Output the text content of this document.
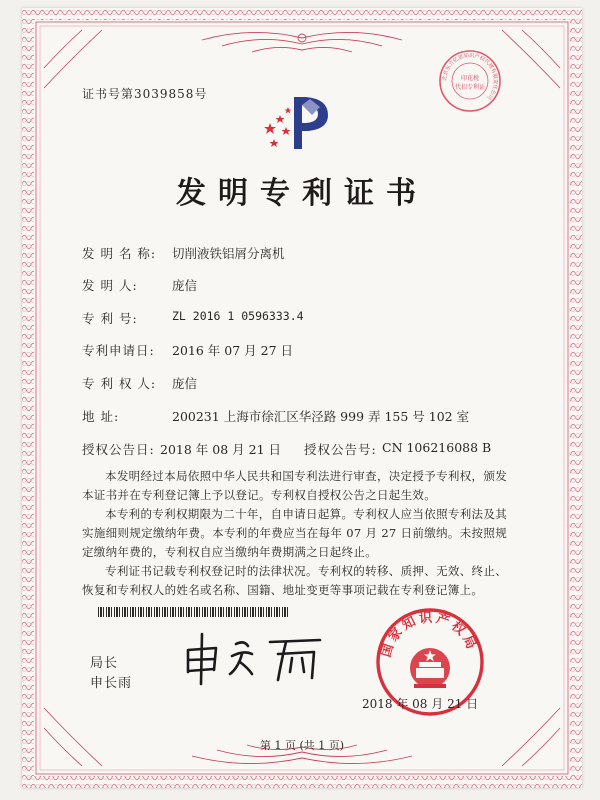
证书号第3039858号
北京东方亿思知识产权代理有限责任公司
印花税
代扣专利证
发明专利证书
发 明 名 称: 切削液铁铝屑分离机
发 明 人:	庞信
专 利 号:	ZL 2016 1 0596333.4
专利申请日: 2016 年 07 月 27 日
专 利 权 人: 庞信
地 址:	200231 上海市徐汇区华泾路 999 弄 155 号 102 室
授权公告日: 2018 年 08 月 21 日 授权公告号: CN 106216088 B
本发明经过本局依照中华人民共和国专利法进行审查，决定授予专利权，颁发本证书并在专利登记簿上予以登记。专利权自授权公告之日起生效。
本专利的专利权期限为二十年，自申请日起算。专利权人应当依照专利法及其实施细则规定缴纳年费。本专利的年费应当在每年 07 月 27 日前缴纳。未按照规定缴纳年费的，专利权自应当缴纳年费期满之日起终止。
专利证书记载专利权登记时的法律状况。专利权的转移、质押、无效、终止、恢复和专利权人的姓名或名称、国籍、地址变更等事项记载在专利登记簿上。
局长
申长雨
国家知识产权局
2018 年 08 月 21 日
第 1 页 (共 1 页)
